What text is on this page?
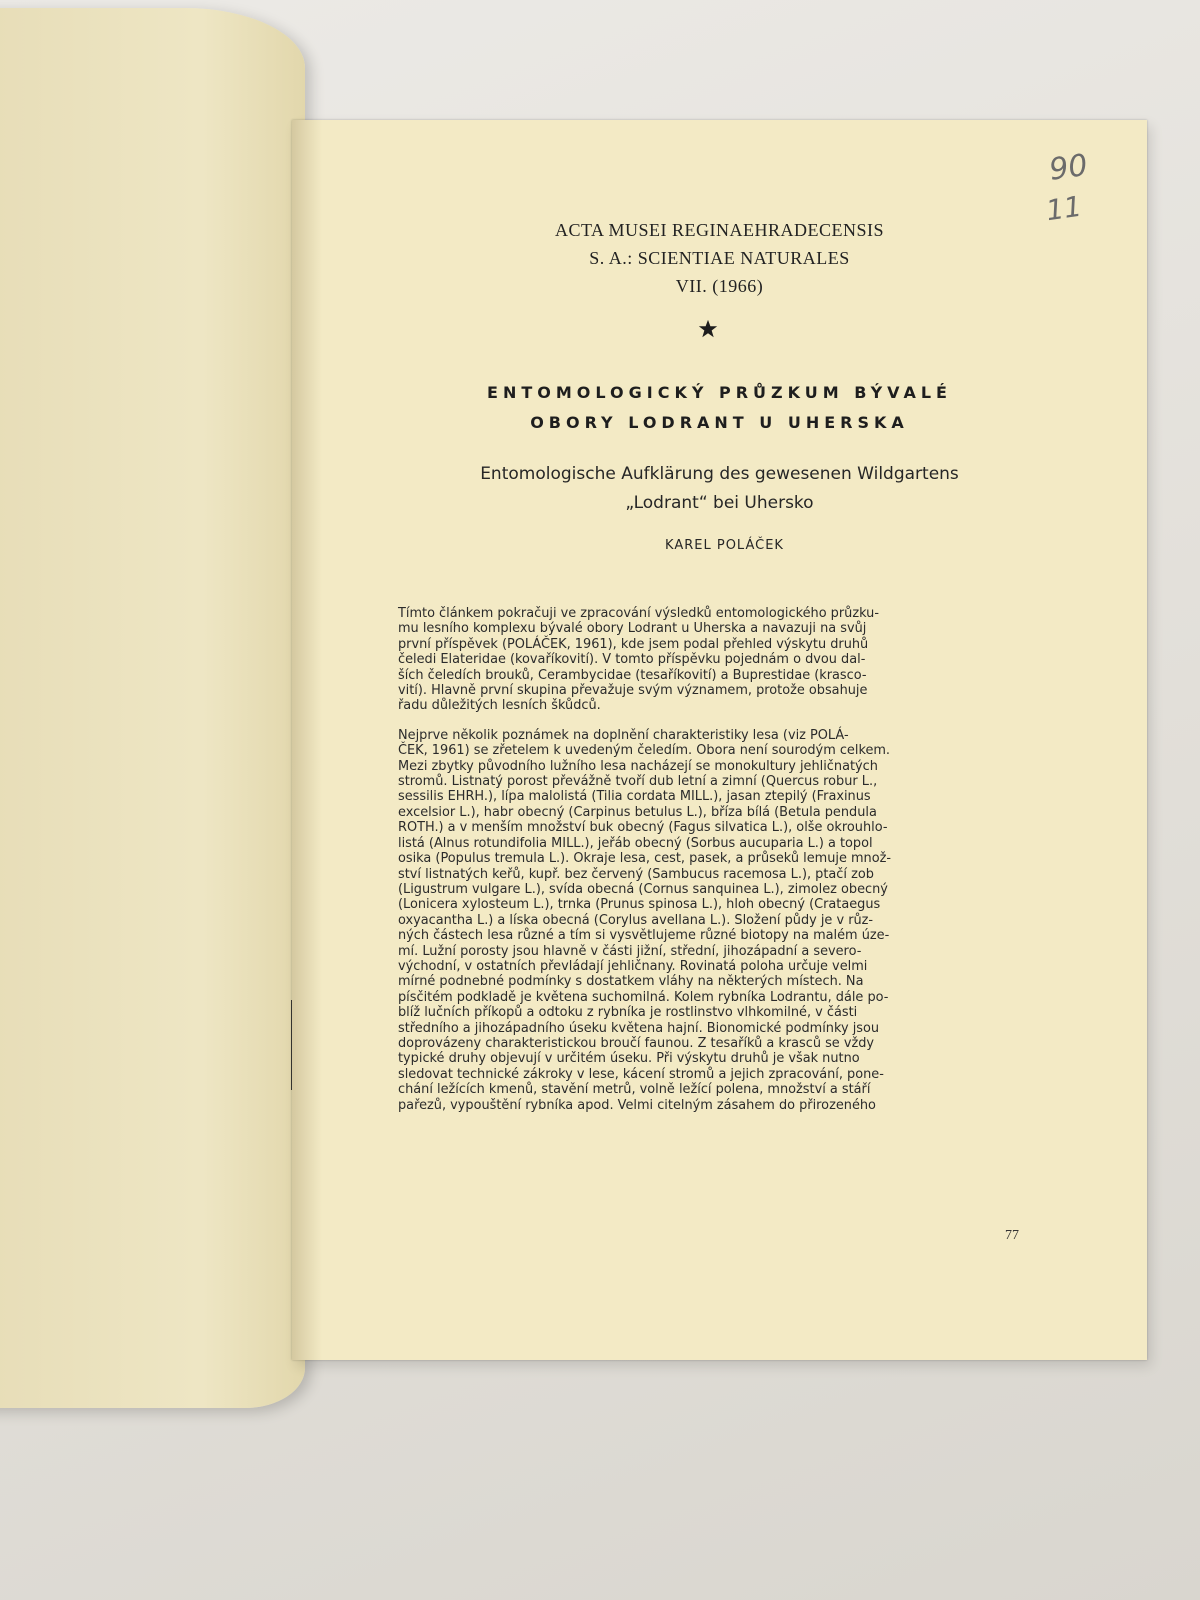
90
11
ACTA MUSEI REGINAEHRADECENSIS
S. A.: SCIENTIAE NATURALES
VII. (1966)
ENTOMOLOGICKÝ PRŮZKUM BÝVALÉ
OBORY LODRANT U UHERSKA
Entomologische Aufklärung des gewesenen Wildgartens
„Lodrant“ bei Uhersko
KAREL POLÁČEK

Tímto článkem pokračuji ve zpracování výsledků entomologického průzku-
mu lesního komplexu bývalé obory Lodrant u Uherska a navazuji na svůj
první příspěvek (POLÁČEK, 1961), kde jsem podal přehled výskytu druhů
čeledi Elateridae (kovaříkovití). V tomto příspěvku pojednám o dvou dal-
ších čeledích brouků, Cerambycidae (tesaříkovití) a Buprestidae (krasco-
vití). Hlavně první skupina převažuje svým významem, protože obsahuje
řadu důležitých lesních škůdců.

Nejprve několik poznámek na doplnění charakteristiky lesa (viz POLÁ-
ČEK, 1961) se zřetelem k uvedeným čeledím. Obora není sourodým celkem.
Mezi zbytky původního lužního lesa nacházejí se monokultury jehličnatých
stromů. Listnatý porost převážně tvoří dub letní a zimní (Quercus robur L.,
sessilis EHRH.), lípa malolistá (Tilia cordata MILL.), jasan ztepilý (Fraxinus
excelsior L.), habr obecný (Carpinus betulus L.), bříza bílá (Betula pendula
ROTH.) a v menším množství buk obecný (Fagus silvatica L.), olše okrouhlo-
listá (Alnus rotundifolia MILL.), jeřáb obecný (Sorbus aucuparia L.) a topol
osika (Populus tremula L.). Okraje lesa, cest, pasek, a průseků lemuje množ-
ství listnatých keřů, kupř. bez červený (Sambucus racemosa L.), ptačí zob
(Ligustrum vulgare L.), svída obecná (Cornus sanquinea L.), zimolez obecný
(Lonicera xylosteum L.), trnka (Prunus spinosa L.), hloh obecný (Crataegus
oxyacantha L.) a líska obecná (Corylus avellana L.). Složení půdy je v růz-
ných částech lesa různé a tím si vysvětlujeme různé biotopy na malém úze-
mí. Lužní porosty jsou hlavně v části jižní, střední, jihozápadní a severo-
východní, v ostatních převládají jehličnany. Rovinatá poloha určuje velmi
mírné podnebné podmínky s dostatkem vláhy na některých místech. Na
písčitém podkladě je květena suchomilná. Kolem rybníka Lodrantu, dále po-
blíž lučních příkopů a odtoku z rybníka je rostlinstvo vlhkomilné, v části
středního a jihozápadního úseku květena hajní. Bionomické podmínky jsou
doprovázeny charakteristickou broučí faunou. Z tesaříků a krasců se vždy
typické druhy objevují v určitém úseku. Při výskytu druhů je však nutno
sledovat technické zákroky v lese, kácení stromů a jejich zpracování, pone-
chání ležících kmenů, stavění metrů, volně ležící polena, množství a stáří
pařezů, vypouštění rybníka apod. Velmi citelným zásahem do přirozeného

77
